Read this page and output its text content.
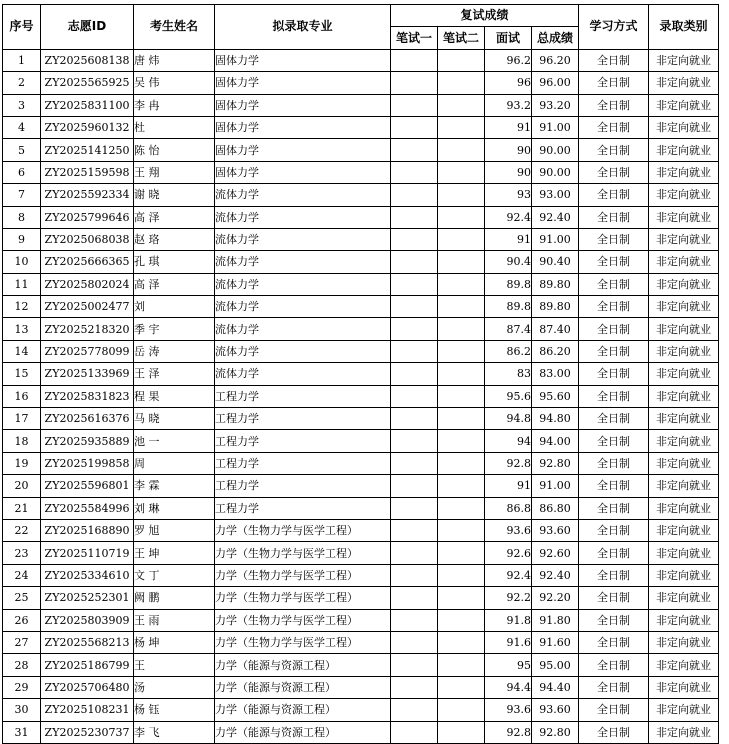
序号	志愿ID	考生姓名	拟录取专业	复试成绩				学习方式	录取类别
				笔试一	笔试二	面试	总成绩		
1	ZY2025608138	唐 炜	固体力学			96.2	96.20	全日制	非定向就业
2	ZY2025565925	吴 伟	固体力学			96	96.00	全日制	非定向就业
3	ZY2025831100	李 冉	固体力学			93.2	93.20	全日制	非定向就业
4	ZY2025960132	杜	固体力学			91	91.00	全日制	非定向就业
5	ZY2025141250	陈 怡	固体力学			90	90.00	全日制	非定向就业
6	ZY2025159598	王 翔	固体力学			90	90.00	全日制	非定向就业
7	ZY2025592334	谢 晓	流体力学			93	93.00	全日制	非定向就业
8	ZY2025799646	高 泽	流体力学			92.4	92.40	全日制	非定向就业
9	ZY2025068038	赵 珞	流体力学			91	91.00	全日制	非定向就业
10	ZY2025666365	孔 琪	流体力学			90.4	90.40	全日制	非定向就业
11	ZY2025802024	高 泽	流体力学			89.8	89.80	全日制	非定向就业
12	ZY2025002477	刘	流体力学			89.8	89.80	全日制	非定向就业
13	ZY2025218320	季 宇	流体力学			87.4	87.40	全日制	非定向就业
14	ZY2025778099	岳 涛	流体力学			86.2	86.20	全日制	非定向就业
15	ZY2025133969	王 泽	流体力学			83	83.00	全日制	非定向就业
16	ZY2025831823	程 果	工程力学			95.6	95.60	全日制	非定向就业
17	ZY2025616376	马 晓	工程力学			94.8	94.80	全日制	非定向就业
18	ZY2025935889	池 一	工程力学			94	94.00	全日制	非定向就业
19	ZY2025199858	周	工程力学			92.8	92.80	全日制	非定向就业
20	ZY2025596801	李 霖	工程力学			91	91.00	全日制	非定向就业
21	ZY2025584996	刘 琳	工程力学			86.8	86.80	全日制	非定向就业
22	ZY2025168890	罗 旭	力学（生物力学与医学工程）			93.6	93.60	全日制	非定向就业
23	ZY2025110719	王 坤	力学（生物力学与医学工程）			92.6	92.60	全日制	非定向就业
24	ZY2025334610	文 丁	力学（生物力学与医学工程）			92.4	92.40	全日制	非定向就业
25	ZY2025252301	阙 鹏	力学（生物力学与医学工程）			92.2	92.20	全日制	非定向就业
26	ZY2025803909	王 雨	力学（生物力学与医学工程）			91.8	91.80	全日制	非定向就业
27	ZY2025568213	杨 坤	力学（生物力学与医学工程）			91.6	91.60	全日制	非定向就业
28	ZY2025186799	王	力学（能源与资源工程）			95	95.00	全日制	非定向就业
29	ZY2025706480	汤	力学（能源与资源工程）			94.4	94.40	全日制	非定向就业
30	ZY2025108231	杨 钰	力学（能源与资源工程）			93.6	93.60	全日制	非定向就业
31	ZY2025230737	李 飞	力学（能源与资源工程）			92.8	92.80	全日制	非定向就业
